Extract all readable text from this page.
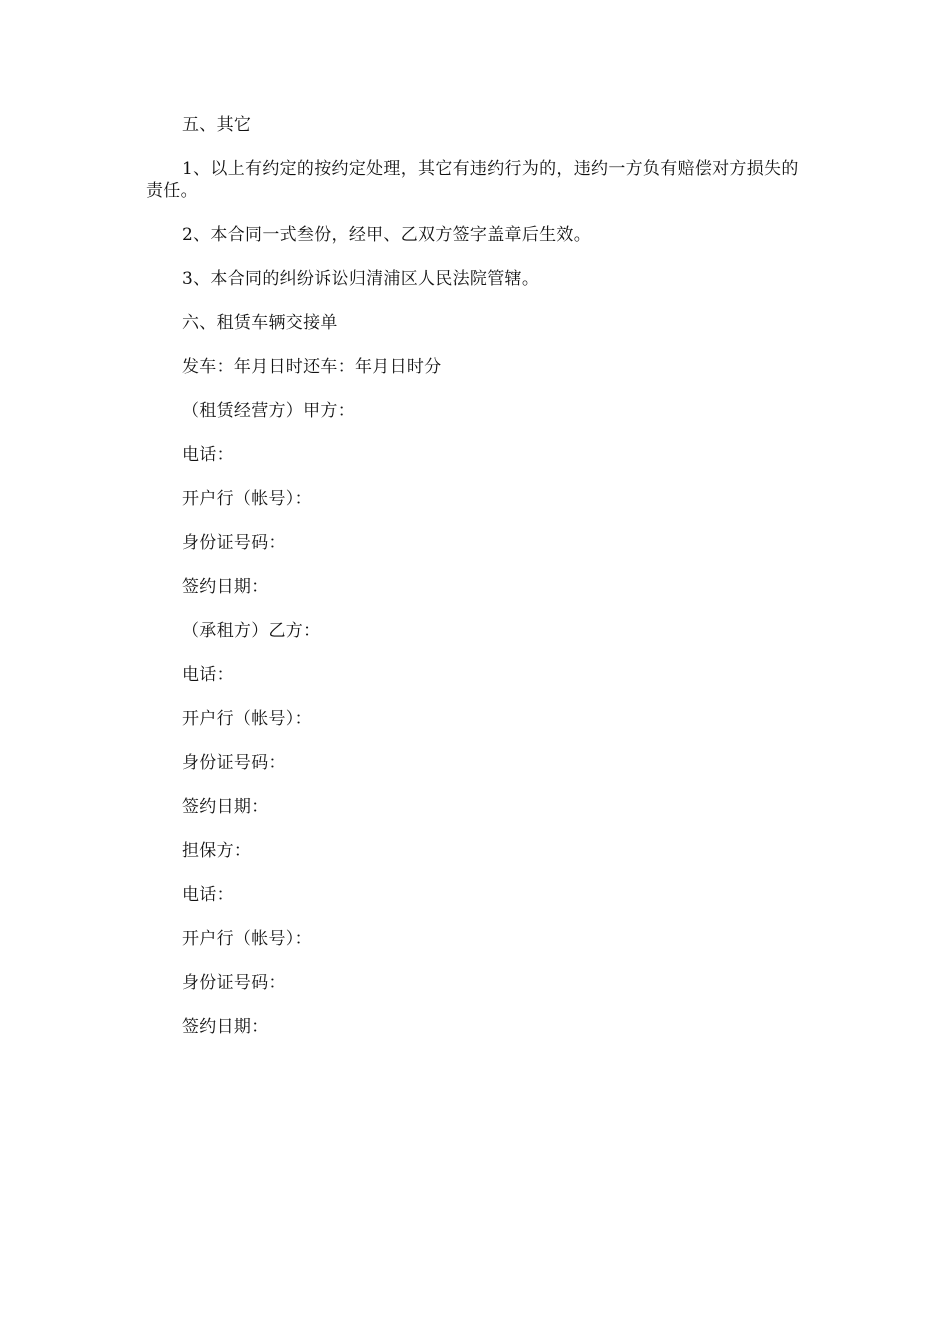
五、其它

1、以上有约定的按约定处理，其它有违约行为的，违约一方负有赔偿对方损失的责任。

2、本合同一式叁份，经甲、乙双方签字盖章后生效。

3、本合同的纠纷诉讼归清浦区人民法院管辖。

六、租赁车辆交接单

发车：年月日时还车：年月日时分

（租赁经营方）甲方：

电话：

开户行（帐号）：

身份证号码：

签约日期：

（承租方）乙方：

电话：

开户行（帐号）：

身份证号码：

签约日期：

担保方：

电话：

开户行（帐号）：

身份证号码：

签约日期：
